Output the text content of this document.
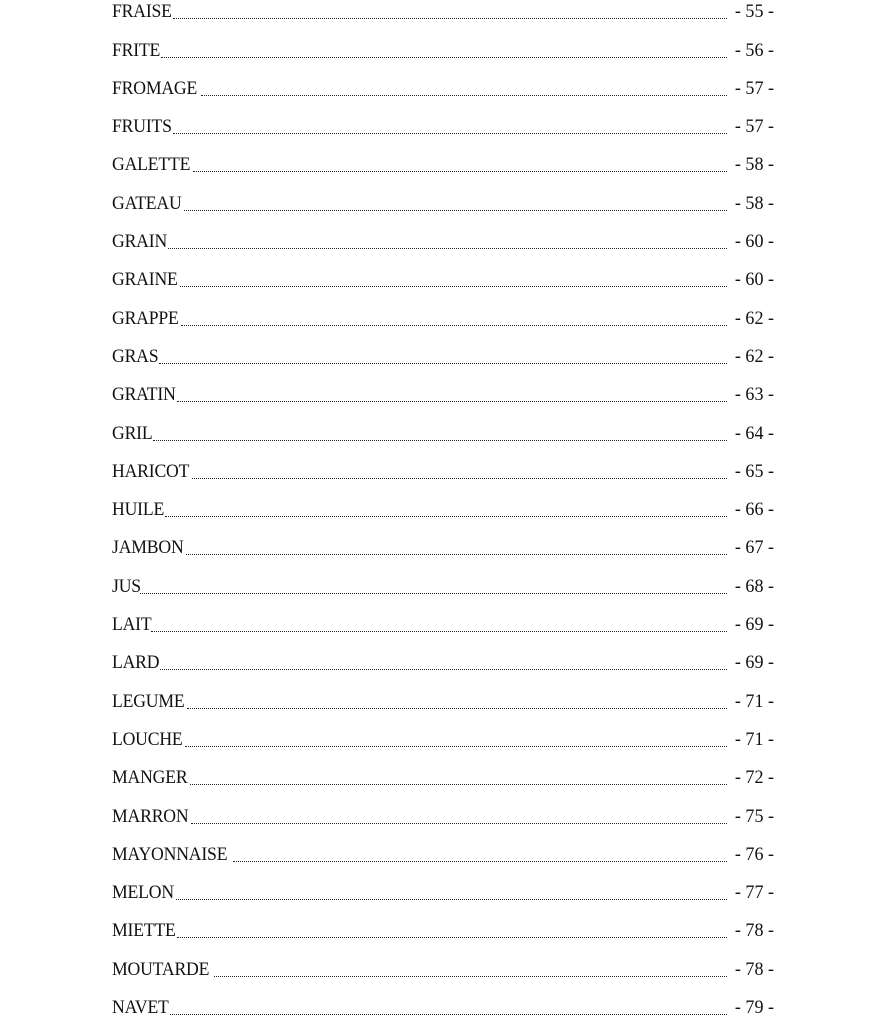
FRAISE	- 55 -
FRITE	- 56 -
FROMAGE	- 57 -
FRUITS	- 57 -
GALETTE	- 58 -
GATEAU	- 58 -
GRAIN	- 60 -
GRAINE	- 60 -
GRAPPE	- 62 -
GRAS	- 62 -
GRATIN	- 63 -
GRIL	- 64 -
HARICOT	- 65 -
HUILE	- 66 -
JAMBON	- 67 -
JUS	- 68 -
LAIT	- 69 -
LARD	- 69 -
LEGUME	- 71 -
LOUCHE	- 71 -
MANGER	- 72 -
MARRON	- 75 -
MAYONNAISE	- 76 -
MELON	- 77 -
MIETTE	- 78 -
MOUTARDE	- 78 -
NAVET	- 79 -
